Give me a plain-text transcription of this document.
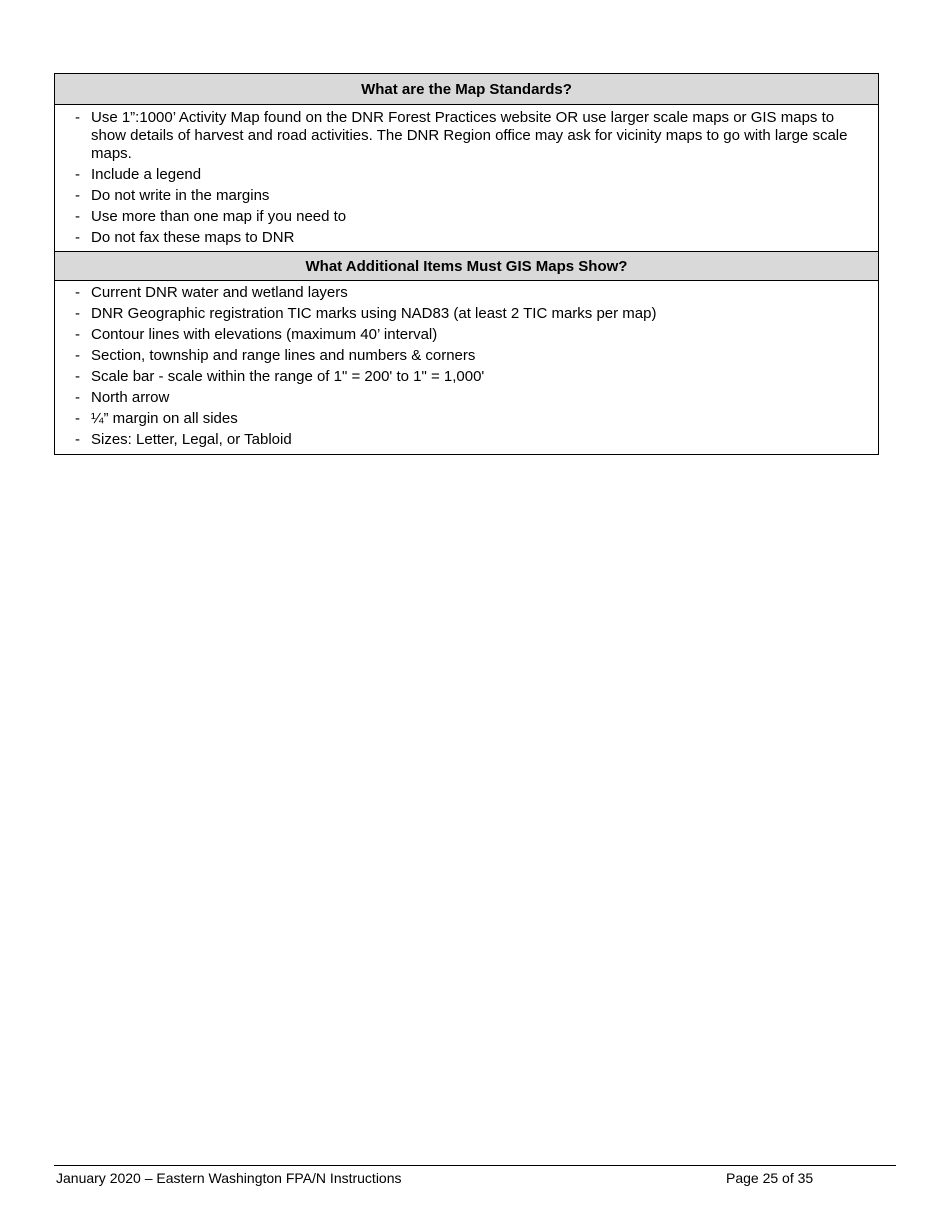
What are the Map Standards?
- Use 1”:1000’ Activity Map found on the DNR Forest Practices website OR use larger scale maps or GIS maps to show details of harvest and road activities. The DNR Region office may ask for vicinity maps to go with large scale maps.
- Include a legend
- Do not write in the margins
- Use more than one map if you need to
- Do not fax these maps to DNR
What Additional Items Must GIS Maps Show?
- Current DNR water and wetland layers
- DNR Geographic registration TIC marks using NAD83 (at least 2 TIC marks per map)
- Contour lines with elevations (maximum 40’ interval)
- Section, township and range lines and numbers & corners
- Scale bar - scale within the range of 1" = 200' to 1" = 1,000'
- North arrow
- ¼” margin on all sides
- Sizes: Letter, Legal, or Tabloid
January 2020 – Eastern Washington FPA/N Instructions	Page 25 of 35
